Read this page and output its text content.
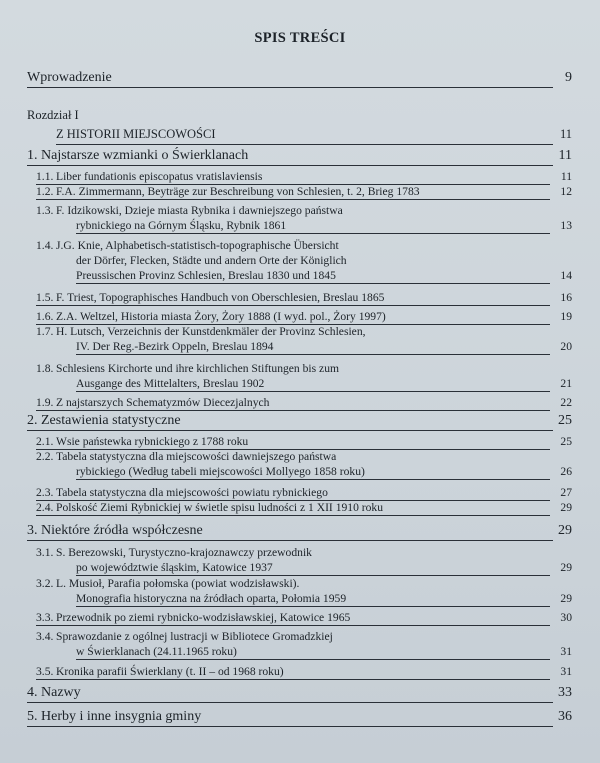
SPIS TREŚCI
Wprowadzenie	9
Rozdział I
Z HISTORII MIEJSCOWOŚCI	11
1. Najstarsze wzmianki o Świerklanach	11
1.1. Liber fundationis episcopatus vratislaviensis	11
1.2. F.A. Zimmermann, Beyträge zur Beschreibung von Schlesien, t. 2, Brieg 1783	12
1.3. F. Idzikowski, Dzieje miasta Rybnika i dawniejszego państwa
rybnickiego na Górnym Śląsku, Rybnik 1861	13
1.4. J.G. Knie, Alphabetisch-statistisch-topographische Übersicht
der Dörfer, Flecken, Städte und andern Orte der Königlich
Preussischen Provinz Schlesien, Breslau 1830 und 1845	14
1.5. F. Triest, Topographisches Handbuch von Oberschlesien, Breslau 1865	16
1.6. Z.A. Weltzel, Historia miasta Żory, Żory 1888 (I wyd. pol., Żory 1997)	19
1.7. H. Lutsch, Verzeichnis der Kunstdenkmäler der Provinz Schlesien,
IV. Der Reg.-Bezirk Oppeln, Breslau 1894	20
1.8. Schlesiens Kirchorte und ihre kirchlichen Stiftungen bis zum
Ausgange des Mittelalters, Breslau 1902	21
1.9. Z najstarszych Schematyzmów Diecezjalnych	22
2. Zestawienia statystyczne	25
2.1. Wsie państewka rybnickiego z 1788 roku	25
2.2. Tabela statystyczna dla miejscowości dawniejszego państwa
rybickiego (Według tabeli miejscowości Mollyego 1858 roku)	26
2.3. Tabela statystyczna dla miejscowości powiatu rybnickiego	27
2.4. Polskość Ziemi Rybnickiej w świetle spisu ludności z 1 XII 1910 roku	29
3. Niektóre źródła współczesne	29
3.1. S. Berezowski, Turystyczno-krajoznawczy przewodnik
po województwie śląskim, Katowice 1937	29
3.2. L. Musioł, Parafia połomska (powiat wodzisławski).
Monografia historyczna na źródłach oparta, Połomia 1959	29
3.3. Przewodnik po ziemi rybnicko-wodzisławskiej, Katowice 1965	30
3.4. Sprawozdanie z ogólnej lustracji w Bibliotece Gromadzkiej
w Świerklanach (24.11.1965 roku)	31
3.5. Kronika parafii Świerklany (t. II – od 1968 roku)	31
4. Nazwy	33
5. Herby i inne insygnia gminy	36
